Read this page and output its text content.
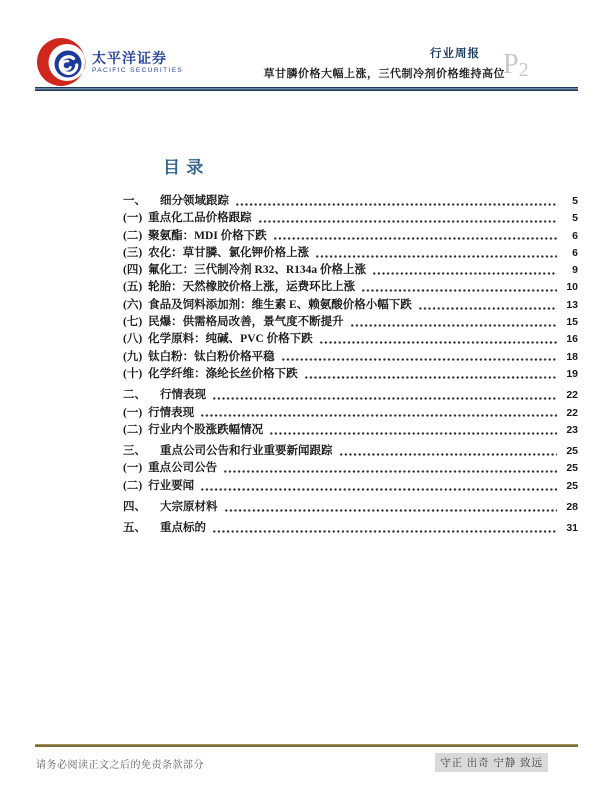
太平洋证券
PACIFIC SECURITIES
行业周报
草甘膦价格大幅上涨，三代制冷剂价格维持高位
P 2
目 录
一、	细分领域跟踪	5
(一) 重点化工品价格跟踪	5
(二) 聚氨酯：MDI 价格下跌	6
(三) 农化：草甘膦、氯化钾价格上涨	6
(四) 氟化工：三代制冷剂 R32、R134a 价格上涨	9
(五) 轮胎：天然橡胶价格上涨，运费环比上涨	10
(六) 食品及饲料添加剂：维生素 E、赖氨酸价格小幅下跌	13
(七) 民爆：供需格局改善，景气度不断提升	15
(八) 化学原料：纯碱、PVC 价格下跌	16
(九) 钛白粉：钛白粉价格平稳	18
(十) 化学纤维：涤纶长丝价格下跌	19
二、	行情表现	22
(一) 行情表现	22
(二) 行业内个股涨跌幅情况	23
三、	重点公司公告和行业重要新闻跟踪	25
(一) 重点公司公告	25
(二) 行业要闻	25
四、	大宗原材料	28
五、	重点标的	31
请务必阅读正文之后的免责条款部分	守正 出奇 宁静 致远
